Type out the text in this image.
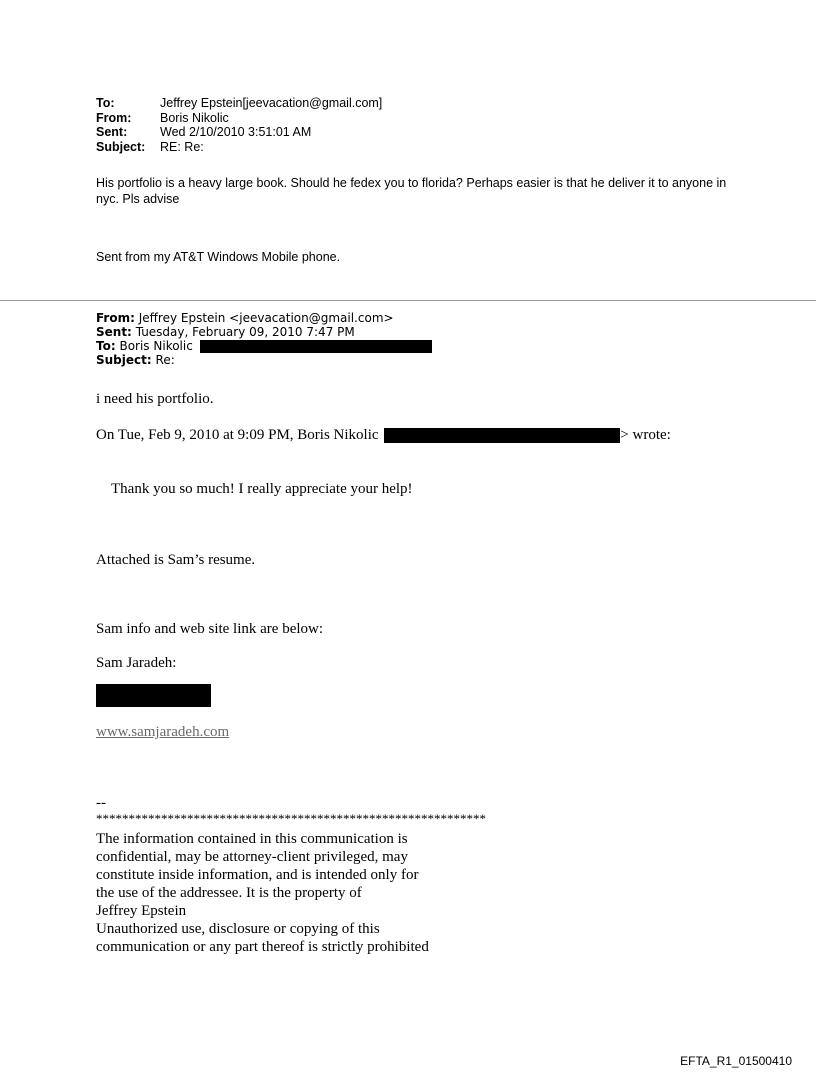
To:	Jeffrey Epstein[jeevacation@gmail.com]
From: Boris Nikolic
Sent:	Wed 2/10/2010 3:51:01 AM
Subject: RE: Re:
His portfolio is a heavy large book. Should he fedex you to florida? Perhaps easier is that he deliver it to anyone in nyc. Pls advise
Sent from my AT&T Windows Mobile phone.
From: Jeffrey Epstein <jeevacation@gmail.com>
Sent: Tuesday, February 09, 2010 7:47 PM
To: Boris Nikolic
Subject: Re:
i need his portfolio.
On Tue, Feb 9, 2010 at 9:09 PM, Boris Nikolic	> wrote:
Thank you so much! I really appreciate your help!
Attached is Sam’s resume.
Sam info and web site link are below:
Sam Jaradeh:
www.samjaradeh.com
--
************************************************************
The information contained in this communication is
confidential, may be attorney-client privileged, may
constitute inside information, and is intended only for
the use of the addressee. It is the property of
Jeffrey Epstein
Unauthorized use, disclosure or copying of this
communication or any part thereof is strictly prohibited
EFTA_R1_01500410
